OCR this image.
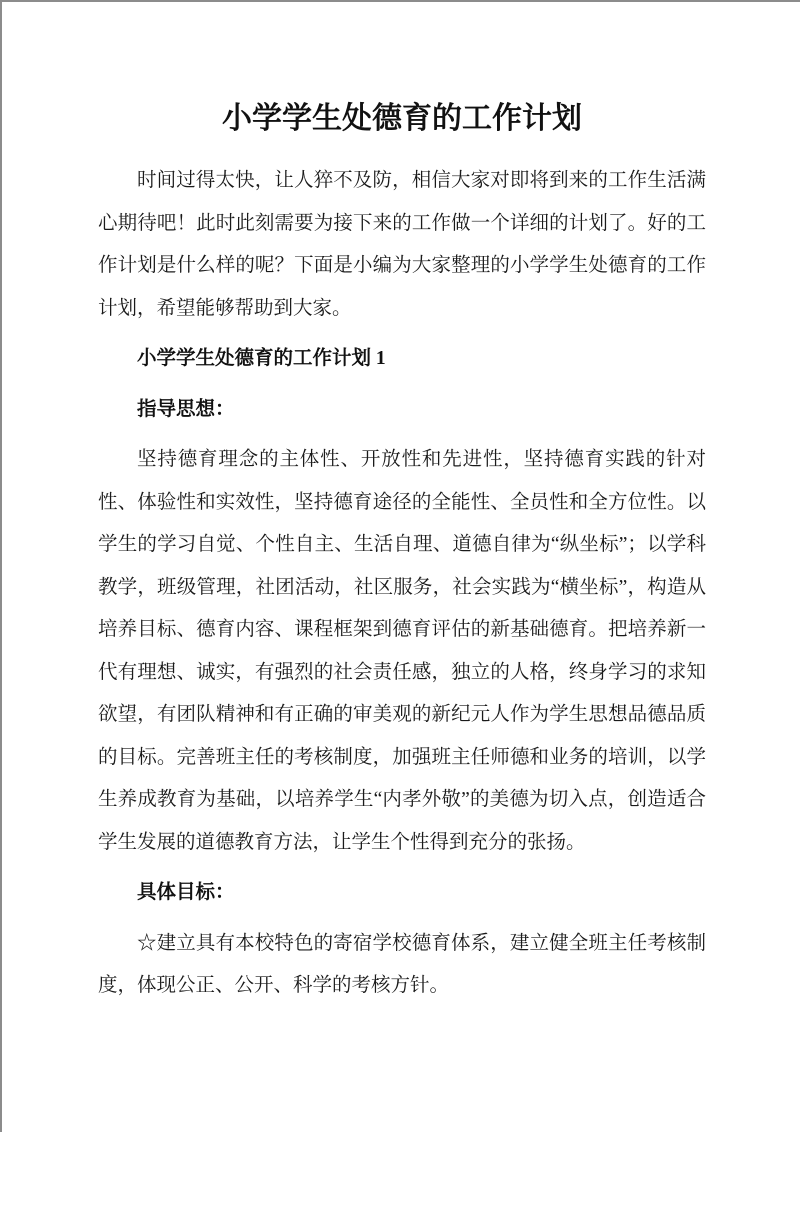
小学学生处德育的工作计划

时间过得太快，让人猝不及防，相信大家对即将到来的工作生活满心期待吧！此时此刻需要为接下来的工作做一个详细的计划了。好的工作计划是什么样的呢？下面是小编为大家整理的小学学生处德育的工作计划，希望能够帮助到大家。

小学学生处德育的工作计划 1

指导思想：

坚持德育理念的主体性、开放性和先进性，坚持德育实践的针对性、体验性和实效性，坚持德育途径的全能性、全员性和全方位性。以学生的学习自觉、个性自主、生活自理、道德自律为“纵坐标”；以学科教学，班级管理，社团活动，社区服务，社会实践为“横坐标”，构造从培养目标、德育内容、课程框架到德育评估的新基础德育。把培养新一代有理想、诚实，有强烈的社会责任感，独立的人格，终身学习的求知欲望，有团队精神和有正确的审美观的新纪元人作为学生思想品德品质的目标。完善班主任的考核制度，加强班主任师德和业务的培训，以学生养成教育为基础，以培养学生“内孝外敬”的美德为切入点，创造适合学生发展的道德教育方法，让学生个性得到充分的张扬。

具体目标：

☆建立具有本校特色的寄宿学校德育体系，建立健全班主任考核制度，体现公正、公开、科学的考核方针。
